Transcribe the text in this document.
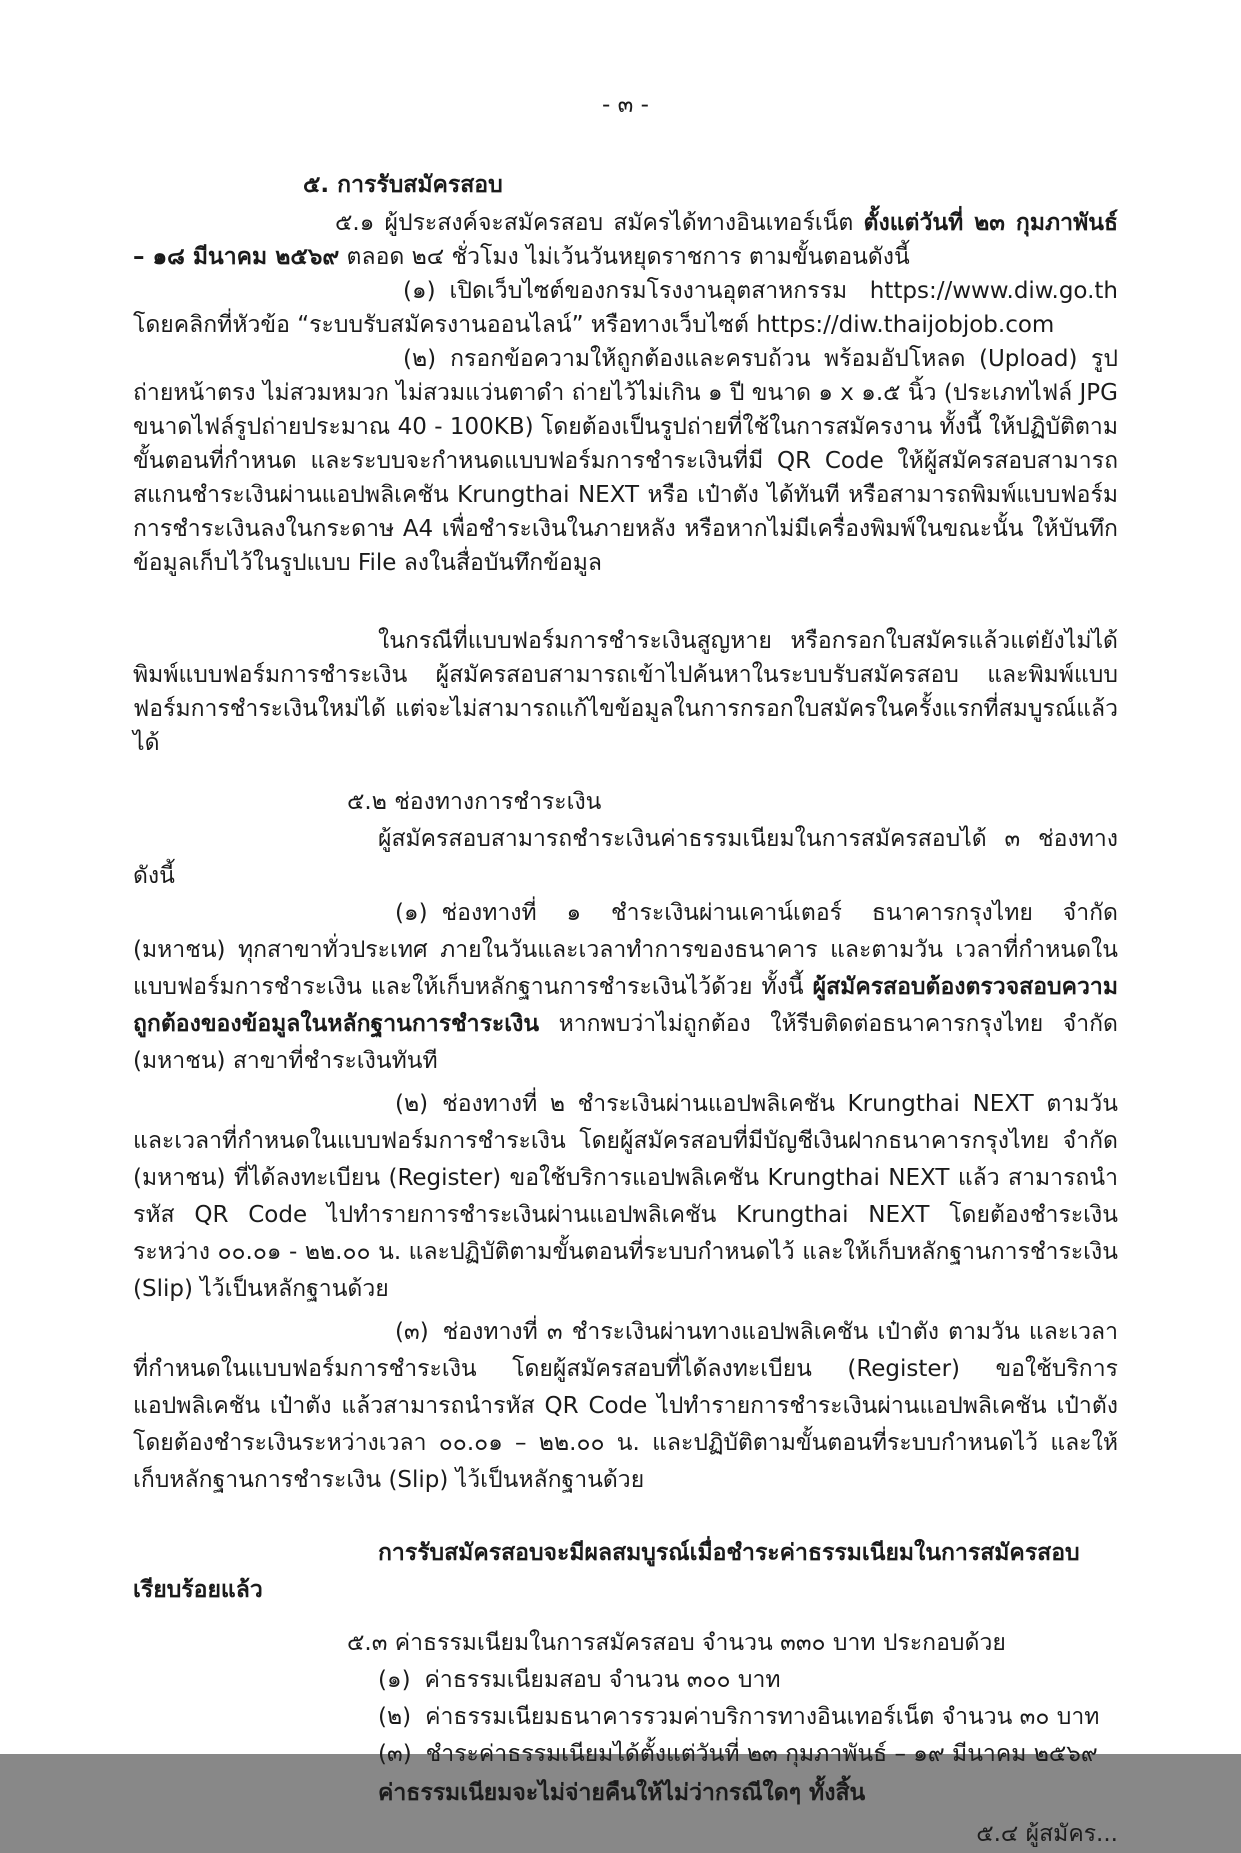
- ๓ -
๕. การรับสมัครสอบ

๕.๑ ผู้ประสงค์จะสมัครสอบ สมัครได้ทางอินเทอร์เน็ต ตั้งแต่วันที่ ๒๓ กุมภาพันธ์ – ๑๘ มีนาคม ๒๕๖๙ ตลอด ๒๔ ชั่วโมง ไม่เว้นวันหยุดราชการ ตามขั้นตอนดังนี้

(๑) เปิดเว็บไซต์ของกรมโรงงานอุตสาหกรรม https://www.diw.go.th โดยคลิกที่หัวข้อ “ระบบรับสมัครงานออนไลน์” หรือทางเว็บไซต์ https://diw.thaijobjob.com

(๒) กรอกข้อความให้ถูกต้องและครบถ้วน พร้อมอัปโหลด (Upload) รูปถ่ายหน้าตรง ไม่สวมหมวก ไม่สวมแว่นตาดำ ถ่ายไว้ไม่เกิน ๑ ปี ขนาด ๑ x ๑.๕ นิ้ว (ประเภทไฟล์ JPG ขนาดไฟล์รูปถ่ายประมาณ 40 - 100KB) โดยต้องเป็นรูปถ่ายที่ใช้ในการสมัครงาน ทั้งนี้ ให้ปฏิบัติตามขั้นตอนที่กำหนด และระบบจะกำหนดแบบฟอร์มการชำระเงินที่มี QR Code ให้ผู้สมัครสอบสามารถสแกนชำระเงินผ่านแอปพลิเคชัน Krungthai NEXT หรือ เป๋าตัง ได้ทันที หรือสามารถพิมพ์แบบฟอร์มการชำระเงินลงในกระดาษ A4 เพื่อชำระเงินในภายหลัง หรือหากไม่มีเครื่องพิมพ์ในขณะนั้น ให้บันทึกข้อมูลเก็บไว้ในรูปแบบ File ลงในสื่อบันทึกข้อมูล

ในกรณีที่แบบฟอร์มการชำระเงินสูญหาย หรือกรอกใบสมัครแล้วแต่ยังไม่ได้พิมพ์แบบฟอร์มการชำระเงิน ผู้สมัครสอบสามารถเข้าไปค้นหาในระบบรับสมัครสอบ และพิมพ์แบบฟอร์มการชำระเงินใหม่ได้ แต่จะไม่สามารถแก้ไขข้อมูลในการกรอกใบสมัครในครั้งแรกที่สมบูรณ์แล้วได้

๕.๒ ช่องทางการชำระเงิน

ผู้สมัครสอบสามารถชำระเงินค่าธรรมเนียมในการสมัครสอบได้ ๓ ช่องทาง ดังนี้

(๑) ช่องทางที่ ๑ ชำระเงินผ่านเคาน์เตอร์ ธนาคารกรุงไทย จำกัด (มหาชน) ทุกสาขาทั่วประเทศ ภายในวันและเวลาทำการของธนาคาร และตามวัน เวลาที่กำหนดในแบบฟอร์มการชำระเงิน และให้เก็บหลักฐานการชำระเงินไว้ด้วย ทั้งนี้ ผู้สมัครสอบต้องตรวจสอบความถูกต้องของข้อมูลในหลักฐานการชำระเงิน หากพบว่าไม่ถูกต้อง ให้รีบติดต่อธนาคารกรุงไทย จำกัด (มหาชน) สาขาที่ชำระเงินทันที

(๒) ช่องทางที่ ๒ ชำระเงินผ่านแอปพลิเคชัน Krungthai NEXT ตามวัน และเวลาที่กำหนดในแบบฟอร์มการชำระเงิน โดยผู้สมัครสอบที่มีบัญชีเงินฝากธนาคารกรุงไทย จำกัด (มหาชน) ที่ได้ลงทะเบียน (Register) ขอใช้บริการแอปพลิเคชัน Krungthai NEXT แล้ว สามารถนำรหัส QR Code ไปทำรายการชำระเงินผ่านแอปพลิเคชัน Krungthai NEXT โดยต้องชำระเงินระหว่าง ๐๐.๐๑ - ๒๒.๐๐ น. และปฏิบัติตามขั้นตอนที่ระบบกำหนดไว้ และให้เก็บหลักฐานการชำระเงิน (Slip) ไว้เป็นหลักฐานด้วย

(๓) ช่องทางที่ ๓ ชำระเงินผ่านทางแอปพลิเคชัน เป๋าตัง ตามวัน และเวลาที่กำหนดในแบบฟอร์มการชำระเงิน โดยผู้สมัครสอบที่ได้ลงทะเบียน (Register) ขอใช้บริการแอปพลิเคชัน เป๋าตัง แล้วสามารถนำรหัส QR Code ไปทำรายการชำระเงินผ่านแอปพลิเคชัน เป๋าตัง โดยต้องชำระเงินระหว่างเวลา ๐๐.๐๑ – ๒๒.๐๐ น. และปฏิบัติตามขั้นตอนที่ระบบกำหนดไว้ และให้เก็บหลักฐานการชำระเงิน (Slip) ไว้เป็นหลักฐานด้วย

การรับสมัครสอบจะมีผลสมบูรณ์เมื่อชำระค่าธรรมเนียมในการสมัครสอบ
เรียบร้อยแล้ว
๕.๓ ค่าธรรมเนียมในการสมัครสอบ จำนวน ๓๓๐ บาท ประกอบด้วย

(๑) ค่าธรรมเนียมสอบ จำนวน ๓๐๐ บาท

(๒) ค่าธรรมเนียมธนาคารรวมค่าบริการทางอินเทอร์เน็ต จำนวน ๓๐ บาท

(๓) ชำระค่าธรรมเนียมได้ตั้งแต่วันที่ ๒๓ กุมภาพันธ์ – ๑๙ มีนาคม ๒๕๖๙

ค่าธรรมเนียมจะไม่จ่ายคืนให้ไม่ว่ากรณีใดๆ ทั้งสิ้น
๕.๔ ผู้สมัคร...
